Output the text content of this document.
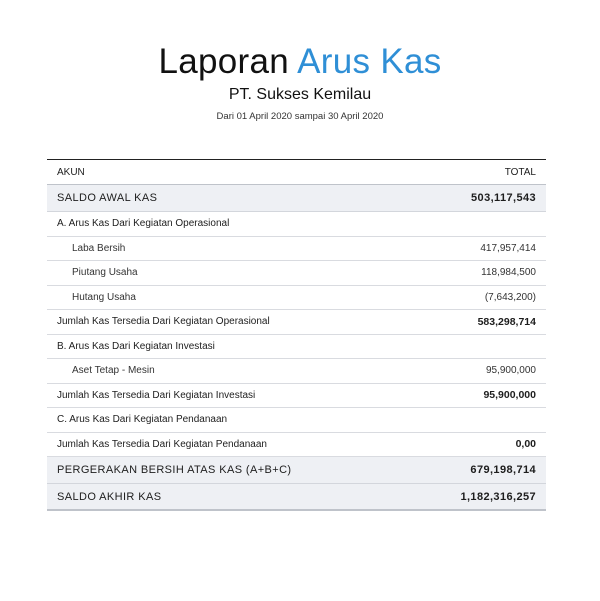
Laporan Arus Kas
PT. Sukses Kemilau
Dari 01 April 2020 sampai 30 April 2020
AKUN	TOTAL
SALDO AWAL KAS	503,117,543
A. Arus Kas Dari Kegiatan Operasional
Laba Bersih	417,957,414
Piutang Usaha	118,984,500
Hutang Usaha	(7,643,200)
Jumlah Kas Tersedia Dari Kegiatan Operasional	583,298,714
B. Arus Kas Dari Kegiatan Investasi
Aset Tetap - Mesin	95,900,000
Jumlah Kas Tersedia Dari Kegiatan Investasi	95,900,000
C. Arus Kas Dari Kegiatan Pendanaan
Jumlah Kas Tersedia Dari Kegiatan Pendanaan	0,00
PERGERAKAN BERSIH ATAS KAS (A+B+C)	679,198,714
SALDO AKHIR KAS	1,182,316,257
